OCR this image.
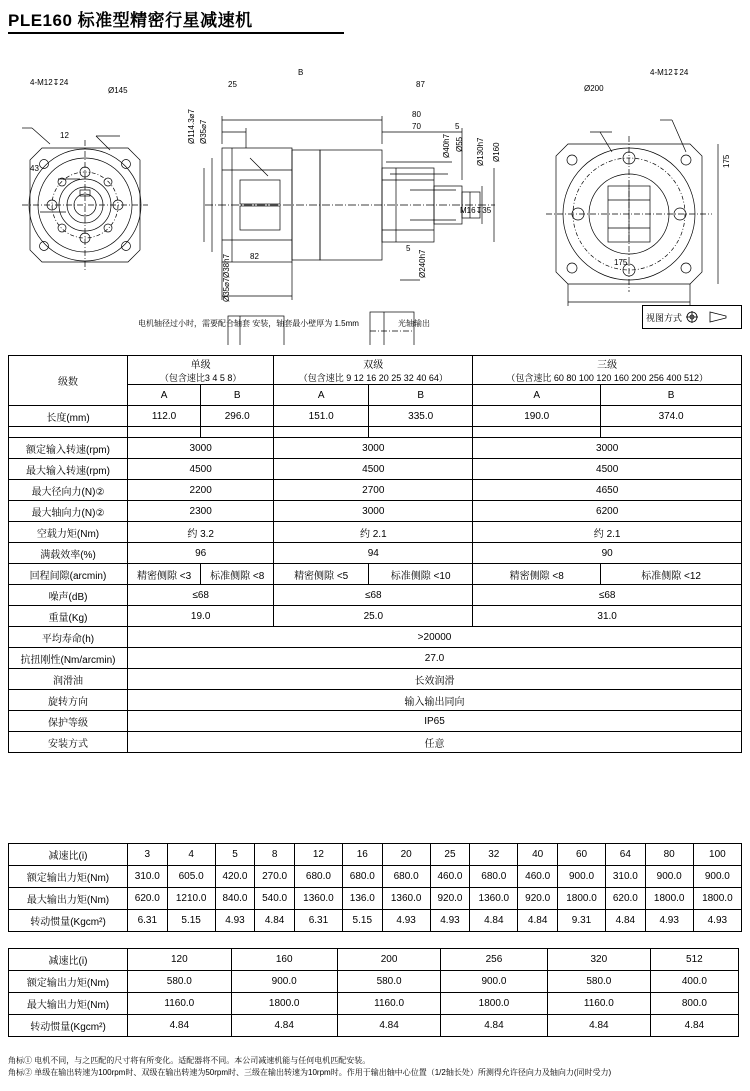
PLE160 标准型精密行星减速机
4-M12↧24
Ø145
12
43
25
B
87
80
70	5
Ø114.3⌀7 Ø35⌀7
Ø38h7
Ø35⌀7
Ø40h7 Ø55 Ø130h7 Ø160
M16↧35
82
5
Ø240h7
4-M12↧24
Ø200
175
175
电机轴径过小时，需要配合轴套 安装，轴套最小壁厚为 1.5mm	光轴输出
视图方式
级数	
单级
（包含速比3 4 5 8）

双级
（包含速比 9 12 16 20 25 32 40 64）

三级
（包含速比 60 80 100 120 160 200 256 400 512）

	A	B	A	B	A	B
长度(mm)	112.0	296.0	151.0	335.0	190.0	374.0

额定输入转速(rpm)	3000		3000		3000	
最大输入转速(rpm)	4500		4500		4500	
最大径向力(N)②	2200		2700		4650	
最大轴向力(N)②	2300		3000		6200	
空载力矩(Nm)	约 3.2		约 2.1		约 2.1	
满载效率(%)	96		94		90	
回程间隙(arcmin)	精密侧隙 <3	标准侧隙 <8	精密侧隙 <5	标准侧隙 <10	精密侧隙 <8	标准侧隙 <12
噪声(dB)	≤68		≤68		≤68	
重量(Kg)	19.0		25.0		31.0	
平均寿命(h)	>20000					
抗扭刚性(Nm/arcmin)	27.0					
润滑油	长效润滑					
旋转方向	输入输出同向					
保护等级	IP65					
安装方式	任意					
减速比(i)	3	4	5	8	12	16	20	25	32	40	60	64	80	100
额定输出力矩(Nm)	310.0	605.0	420.0	270.0	680.0	680.0	680.0	460.0	680.0	460.0	900.0	310.0	900.0	900.0
最大输出力矩(Nm)	620.0	1210.0	840.0	540.0	1360.0	136.0	1360.0	920.0	1360.0	920.0	1800.0	620.0	1800.0	1800.0
转动惯量(Kgcm²)	6.31	5.15	4.93	4.84	6.31	5.15	4.93	4.93	4.84	4.84	9.31	4.84	4.93	4.93
减速比(i)	120	160	200	256	320	512	
额定输出力矩(Nm)	580.0	900.0	580.0	900.0	580.0	400.0	
最大输出力矩(Nm)	1160.0	1800.0	1160.0	1800.0	1160.0	800.0	
转动惯量(Kgcm²)	4.84	4.84	4.84	4.84	4.84	4.84	
角标① 电机不同，与之匹配的尺寸将有所变化。适配器将不同。本公司减速机能与任何电机匹配安装。
角标② 单级在输出转速为100rpm时、双级在输出转速为50rpm时、三级在输出转速为10rpm时。作用于输出轴中心位置（1/2轴长处）所测得允许径向力及轴向力(同时受力)
